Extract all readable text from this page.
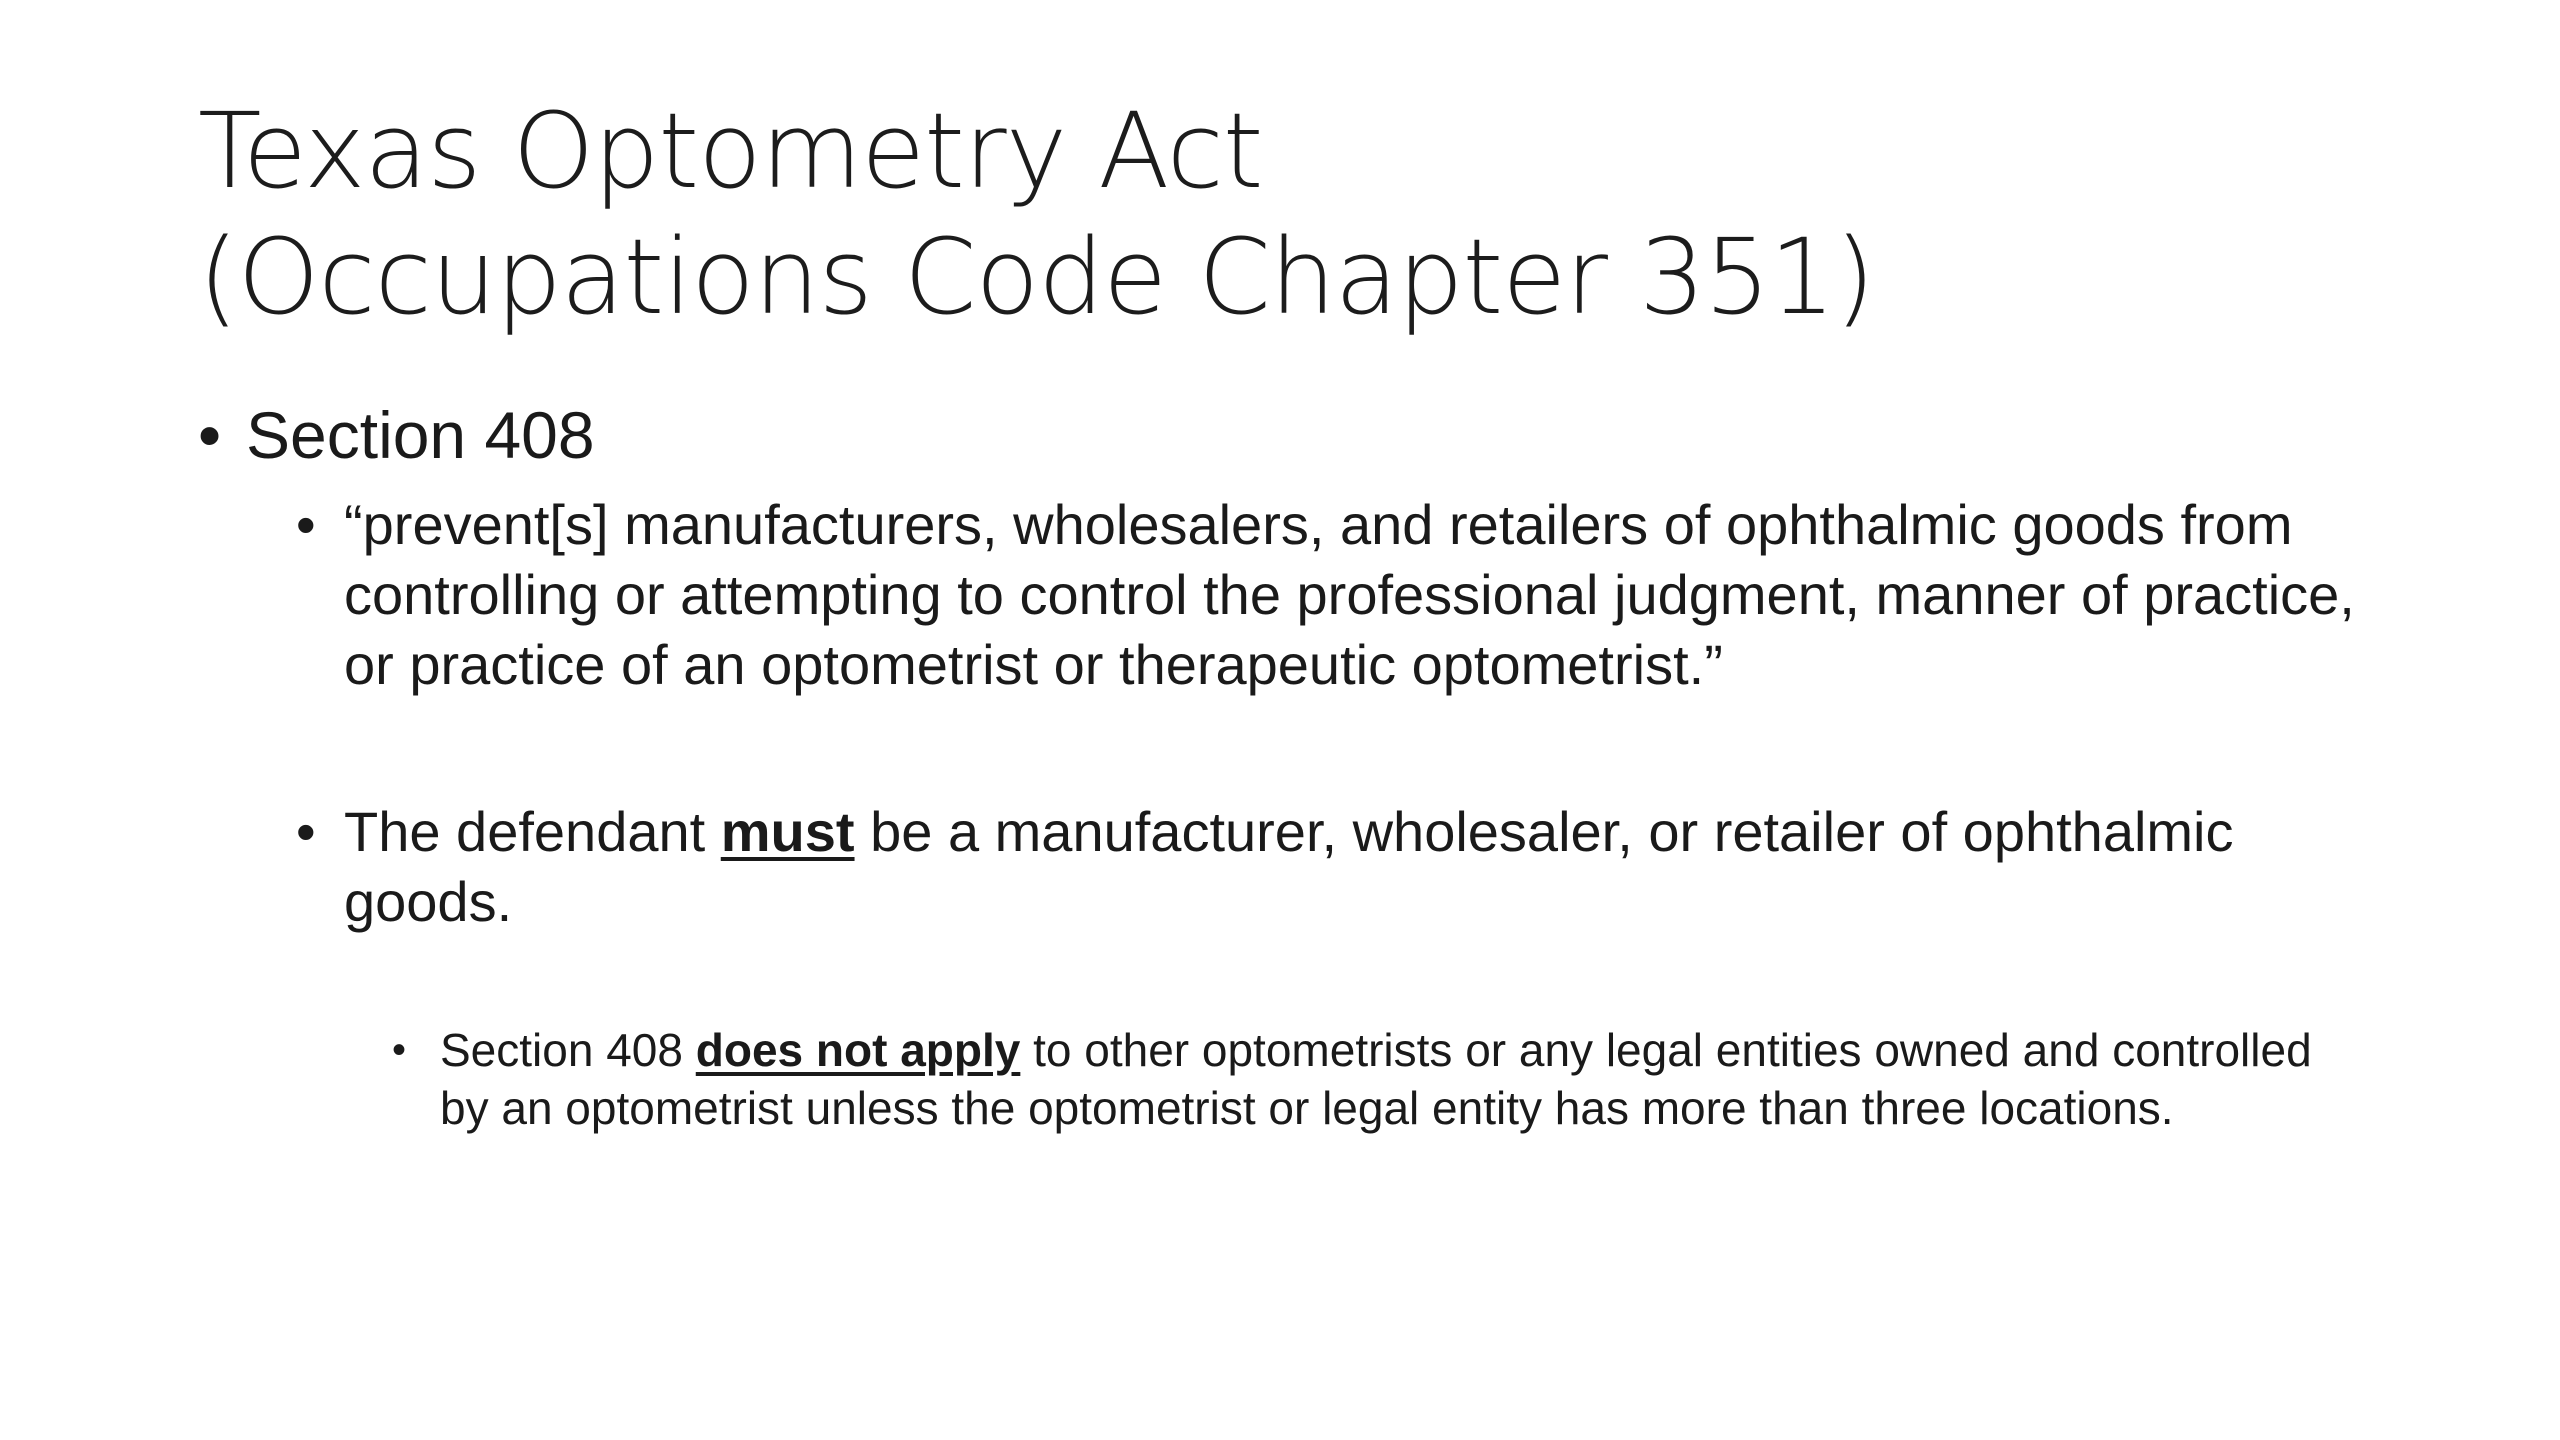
Texas Optometry Act
(Occupations Code Chapter 351)
• Section 408
• “prevent[s] manufacturers, wholesalers, and retailers of ophthalmic goods from controlling or attempting to control the professional judgment, manner of practice, or practice of an optometrist or therapeutic optometrist.”
• The defendant must be a manufacturer, wholesaler, or retailer of ophthalmic goods.
• Section 408 does not apply to other optometrists or any legal entities owned and controlled by an optometrist unless the optometrist or legal entity has more than three locations.
